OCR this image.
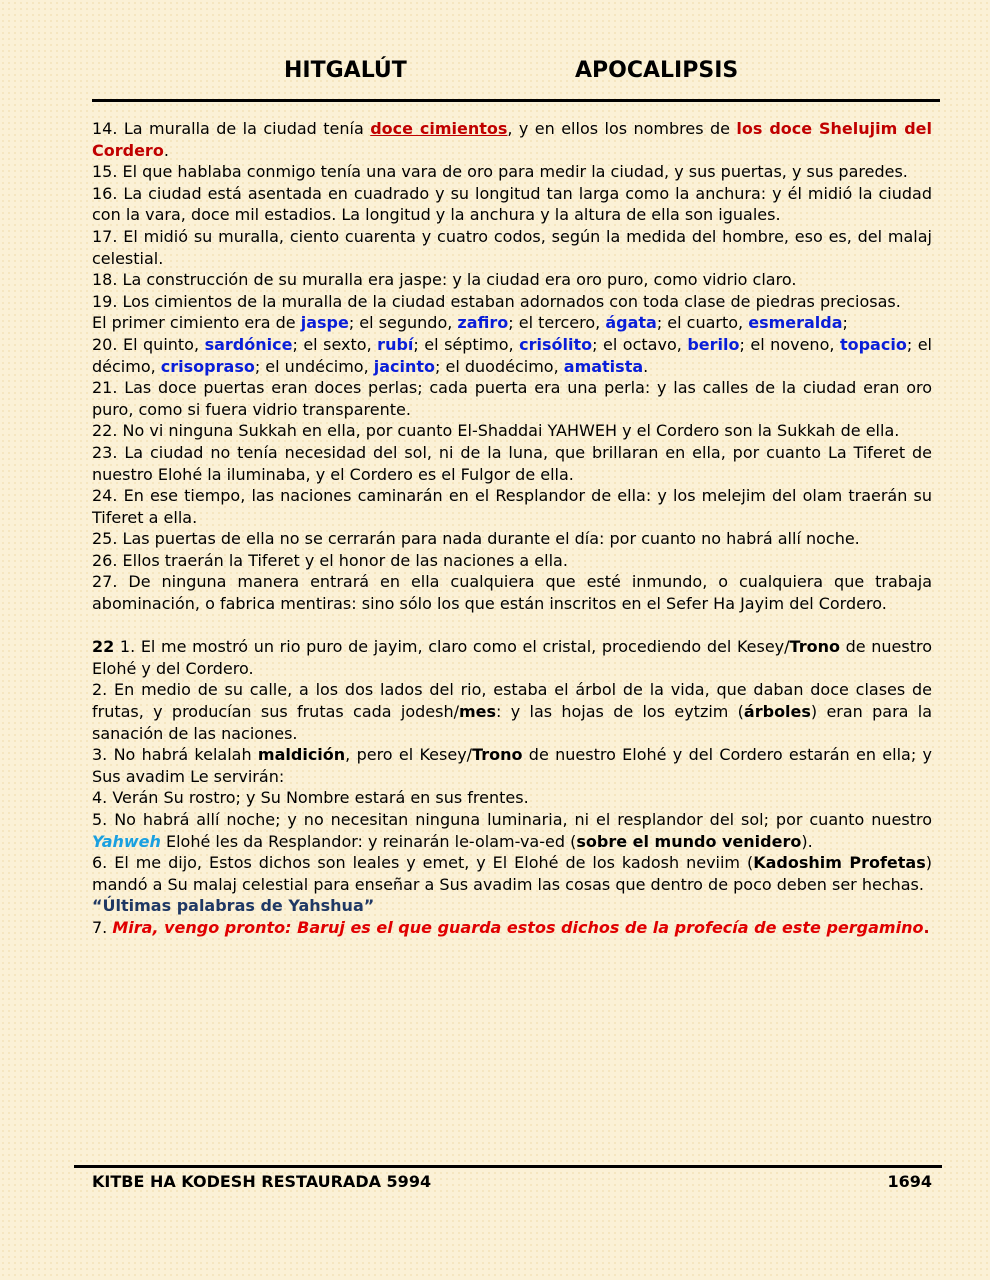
HITGALÚT	APOCALIPSIS

14. La muralla de la ciudad tenía doce cimientos, y en ellos los nombres de los doce Shelujim del Cordero.

15. El que hablaba conmigo tenía una vara de oro para medir la ciudad, y sus puertas, y sus paredes.

16. La ciudad está asentada en cuadrado y su longitud tan larga como la anchura: y él midió la ciudad con la vara, doce mil estadios. La longitud y la anchura y la altura de ella son iguales.

17. El midió su muralla, ciento cuarenta y cuatro codos, según la medida del hombre, eso es, del malaj celestial.

18. La construcción de su muralla era jaspe: y la ciudad era oro puro, como vidrio claro.

19. Los cimientos de la muralla de la ciudad estaban adornados con toda clase de piedras preciosas.

El primer cimiento era de jaspe; el segundo, zafiro; el tercero, ágata; el cuarto, esmeralda;

20. El quinto, sardónice; el sexto, rubí; el séptimo, crisólito; el octavo, berilo; el noveno, topacio; el décimo, crisopraso; el undécimo, jacinto; el duodécimo, amatista.

21. Las doce puertas eran doces perlas; cada puerta era una perla: y las calles de la ciudad eran oro puro, como si fuera vidrio transparente.

22. No vi ninguna Sukkah en ella, por cuanto El-Shaddai YAHWEH y el Cordero son la Sukkah de ella.

23. La ciudad no tenía necesidad del sol, ni de la luna, que brillaran en ella, por cuanto La Tiferet de nuestro Elohé la iluminaba, y el Cordero es el Fulgor de ella.

24. En ese tiempo, las naciones caminarán en el Resplandor de ella: y los melejim del olam traerán su Tiferet a ella.

25. Las puertas de ella no se cerrarán para nada durante el día: por cuanto no habrá allí noche.

26. Ellos traerán la Tiferet y el honor de las naciones a ella.

27. De ninguna manera entrará en ella cualquiera que esté inmundo, o cualquiera que trabaja abominación, o fabrica mentiras: sino sólo los que están inscritos en el Sefer Ha Jayim del Cordero.

22 1. El me mostró un rio puro de jayim, claro como el cristal, procediendo del Kesey/Trono de nuestro Elohé y del Cordero.

2. En medio de su calle, a los dos lados del rio, estaba el árbol de la vida, que daban doce clases de frutas, y producían sus frutas cada jodesh/mes: y las hojas de los eytzim (árboles) eran para la sanación de las naciones.

3. No habrá kelalah maldición, pero el Kesey/Trono de nuestro Elohé y del Cordero estarán en ella; y Sus avadim Le servirán:

4. Verán Su rostro; y Su Nombre estará en sus frentes.

5. No habrá allí noche; y no necesitan ninguna luminaria, ni el resplandor del sol; por cuanto nuestro Yahweh Elohé les da Resplandor: y reinarán le-olam-va-ed (sobre el mundo venidero).

6. El me dijo, Estos dichos son leales y emet, y El Elohé de los kadosh neviim (Kadoshim Profetas) mandó a Su malaj celestial para enseñar a Sus avadim las cosas que dentro de poco deben ser hechas.

“Últimas palabras de Yahshua”

7. Mira, vengo pronto: Baruj es el que guarda estos dichos de la profecía de este pergamino.

KITBE HA KODESH RESTAURADA 5994	1694
